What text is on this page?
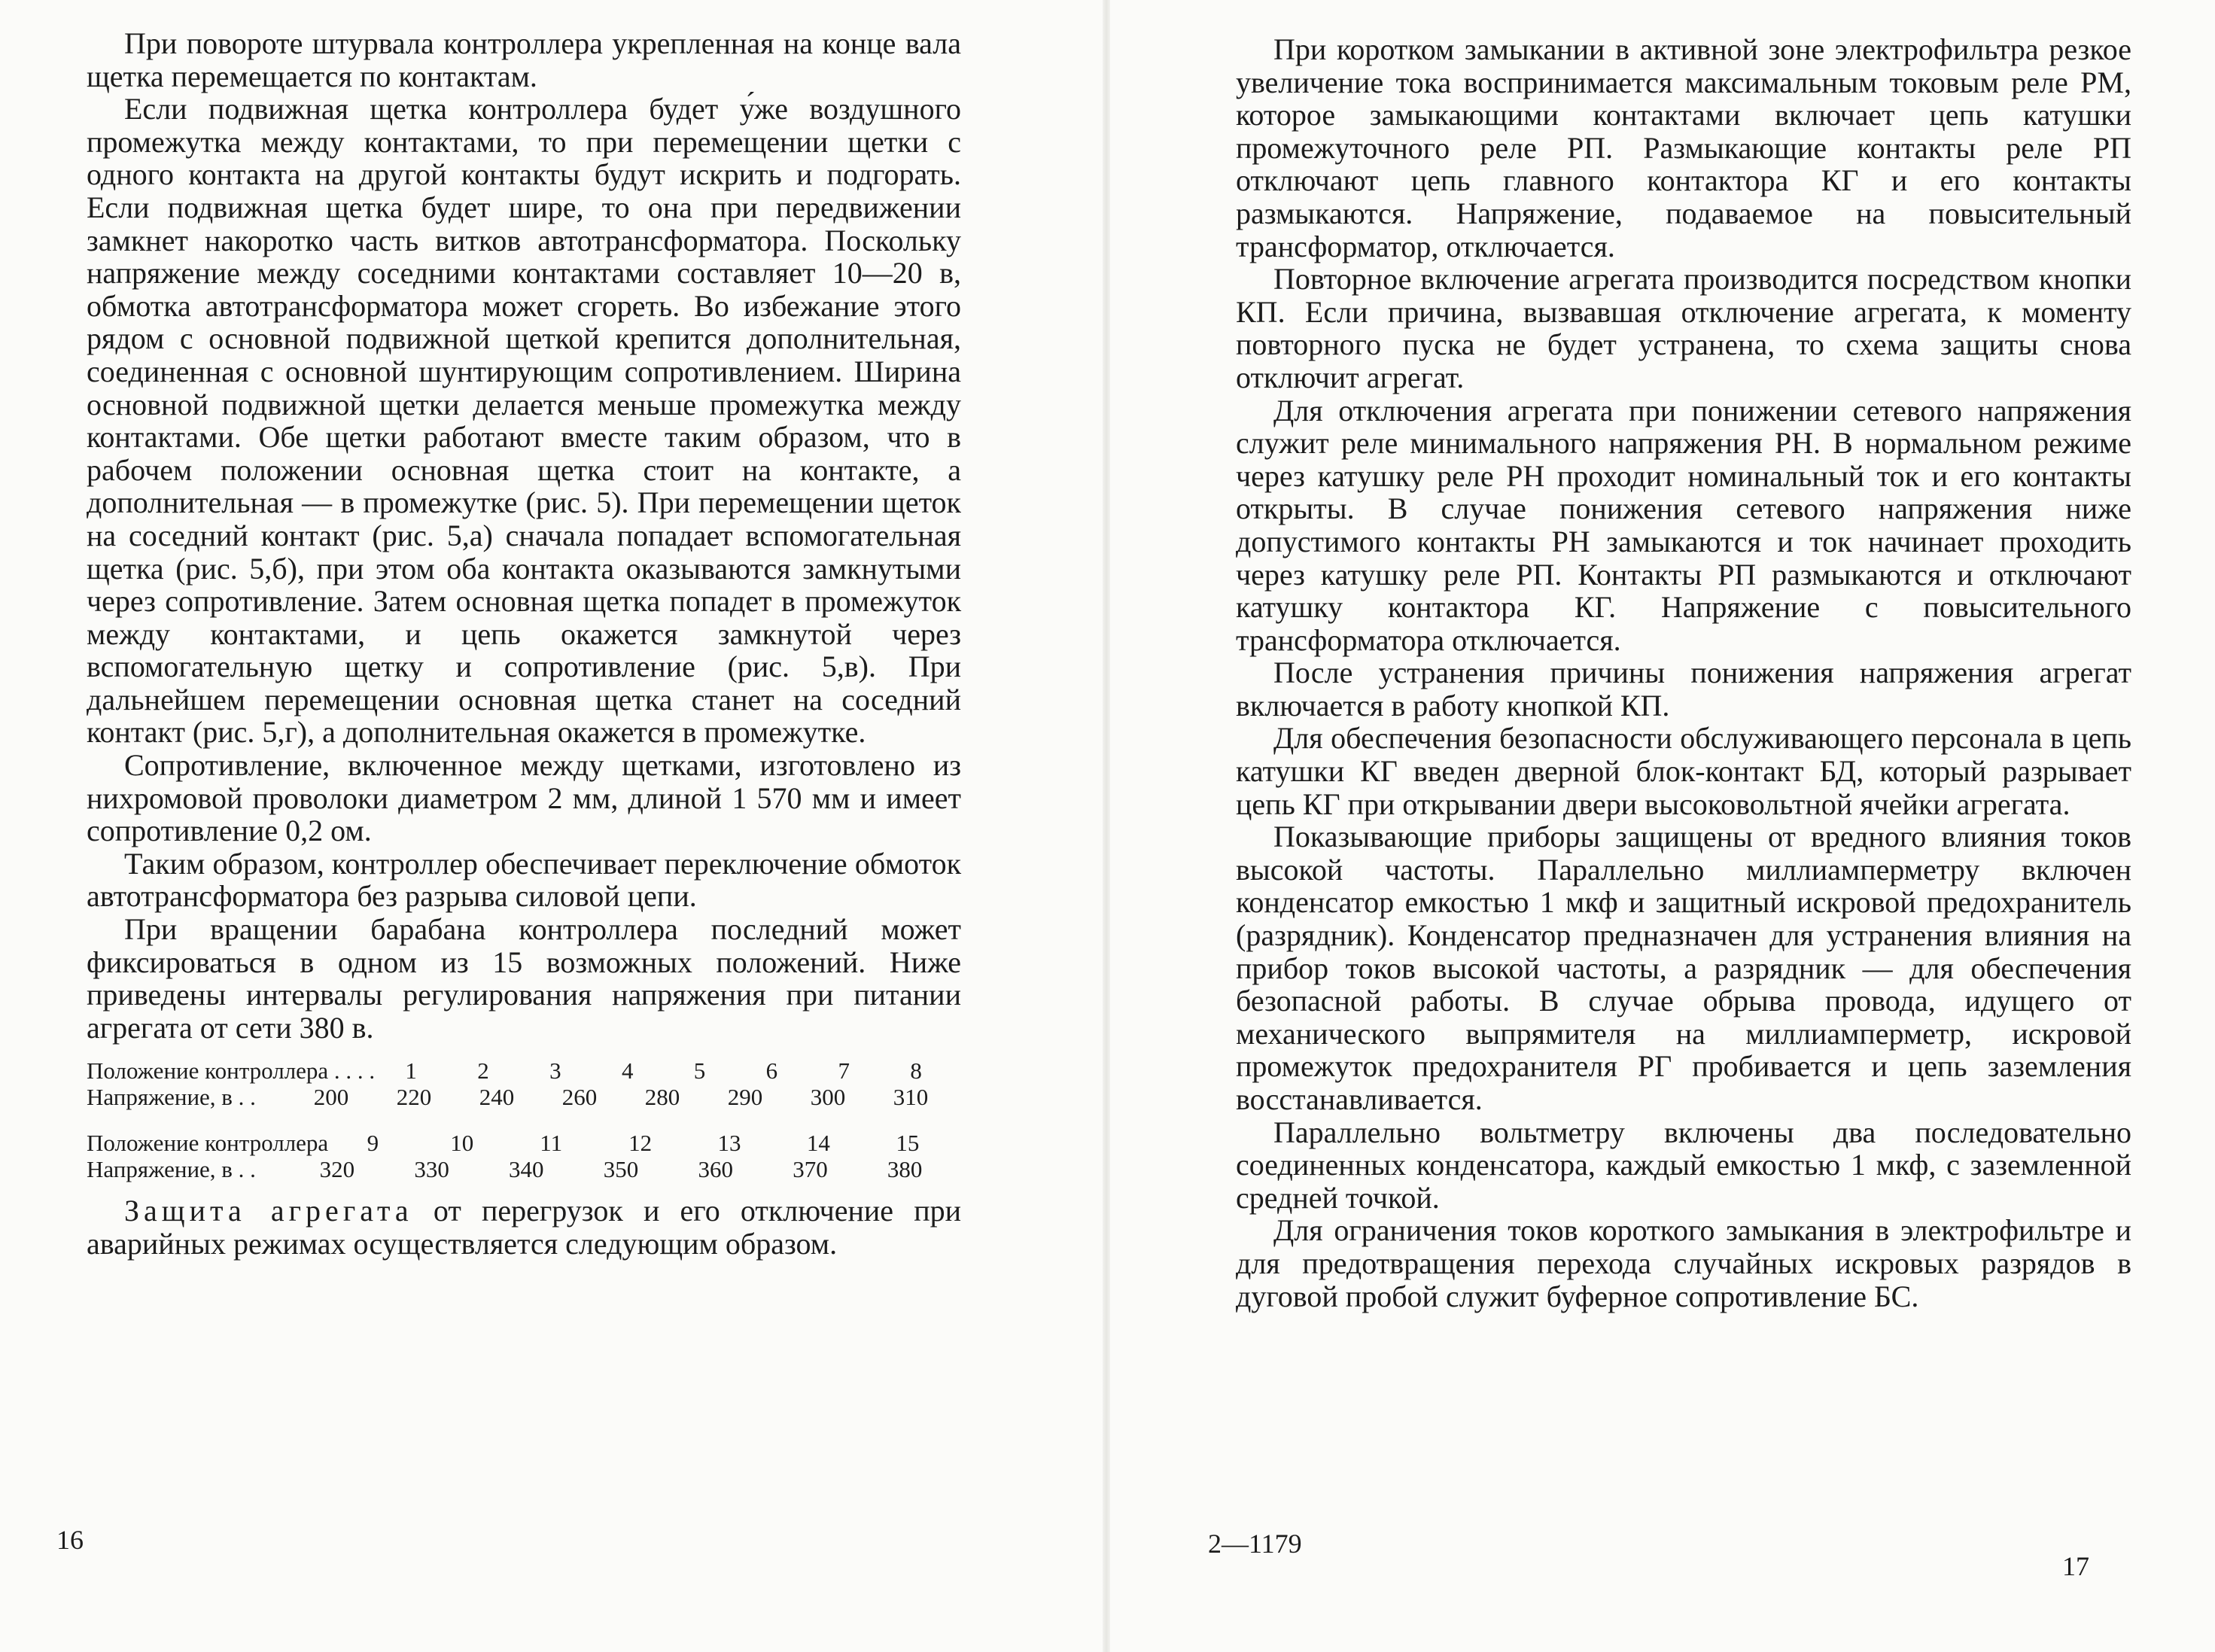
При повороте штурвала контроллера укрепленная на конце вала щетка перемещается по контактам.

Если подвижная щетка контроллера будет у́же воздушного промежутка между контактами, то при перемещении щетки с одного контакта на другой контакты будут искрить и подгорать. Если подвижная щетка будет шире, то она при передвижении замкнет накоротко часть витков автотрансформатора. Поскольку напряжение между соседними контактами составляет 10—20 в, обмотка автотрансформатора может сгореть. Во избежание этого рядом с основной подвижной щеткой крепится дополнительная, соединенная с основной шунтирующим сопротивлением. Ширина основной подвижной щетки делается меньше промежутка между контактами. Обе щетки работают вместе таким образом, что в рабочем положении основная щетка стоит на контакте, а дополнительная — в промежутке (рис. 5). При перемещении щеток на соседний контакт (рис. 5,а) сначала попадает вспомогательная щетка (рис. 5,б), при этом оба контакта оказываются замкнутыми через сопротивление. Затем основная щетка попадет в промежуток между контактами, и цепь окажется замкнутой через вспомогательную щетку и сопротивление (рис. 5,в). При дальнейшем перемещении основная щетка станет на соседний контакт (рис. 5,г), а дополнительная окажется в промежутке.

Сопротивление, включенное между щетками, изготовлено из нихромовой проволоки диаметром 2 мм, длиной 1 570 мм и имеет сопротивление 0,2 ом.

Таким образом, контроллер обеспечивает переключение обмоток автотрансформатора без разрыва силовой цепи.

При вращении барабана контроллера последний может фиксироваться в одном из 15 возможных положений. Ниже приведены интервалы регулирования напряжения при питании агрегата от сети 380 в.

Положение контроллера . . . .	1	2	3	4	5	6	7	8
Напряжение, в . .	200	220	240	260	280	290	300	310
Положение контроллера	9	10	11	12	13	14	15
Напряжение, в . .	320	330	340	350	360	370	380

Защита агрегата от перегрузок и его отключение при аварийных режимах осуществляется следующим образом.

16

При коротком замыкании в активной зоне электрофильтра резкое увеличение тока воспринимается максимальным токовым реле РМ, которое замыкающими контактами включает цепь катушки промежуточного реле РП. Размыкающие контакты реле РП отключают цепь главного контактора КГ и его контакты размыкаются. Напряжение, подаваемое на повысительный трансформатор, отключается.

Повторное включение агрегата производится посредством кнопки КП. Если причина, вызвавшая отключение агрегата, к моменту повторного пуска не будет устранена, то схема защиты снова отключит агрегат.

Для отключения агрегата при понижении сетевого напряжения служит реле минимального напряжения РН. В нормальном режиме через катушку реле РН проходит номинальный ток и его контакты открыты. В случае понижения сетевого напряжения ниже допустимого контакты РН замыкаются и ток начинает проходить через катушку реле РП. Контакты РП размыкаются и отключают катушку контактора КГ. Напряжение с повысительного трансформатора отключается.

После устранения причины понижения напряжения агрегат включается в работу кнопкой КП.

Для обеспечения безопасности обслуживающего персонала в цепь катушки КГ введен дверной блок-контакт БД, который разрывает цепь КГ при открывании двери высоковольтной ячейки агрегата.

Показывающие приборы защищены от вредного влияния токов высокой частоты. Параллельно миллиамперметру включен конденсатор емкостью 1 мкф и защитный искровой предохранитель (разрядник). Конденсатор предназначен для устранения влияния на прибор токов высокой частоты, а разрядник — для обеспечения безопасной работы. В случае обрыва провода, идущего от механического выпрямителя на миллиамперметр, искровой промежуток предохранителя РГ пробивается и цепь заземления восстанавливается.

Параллельно вольтметру включены два последовательно соединенных конденсатора, каждый емкостью 1 мкф, с заземленной средней точкой.

Для ограничения токов короткого замыкания в электрофильтре и для предотвращения перехода случайных искровых разрядов в дуговой пробой служит буферное сопротивление БС.

2—1179
17
